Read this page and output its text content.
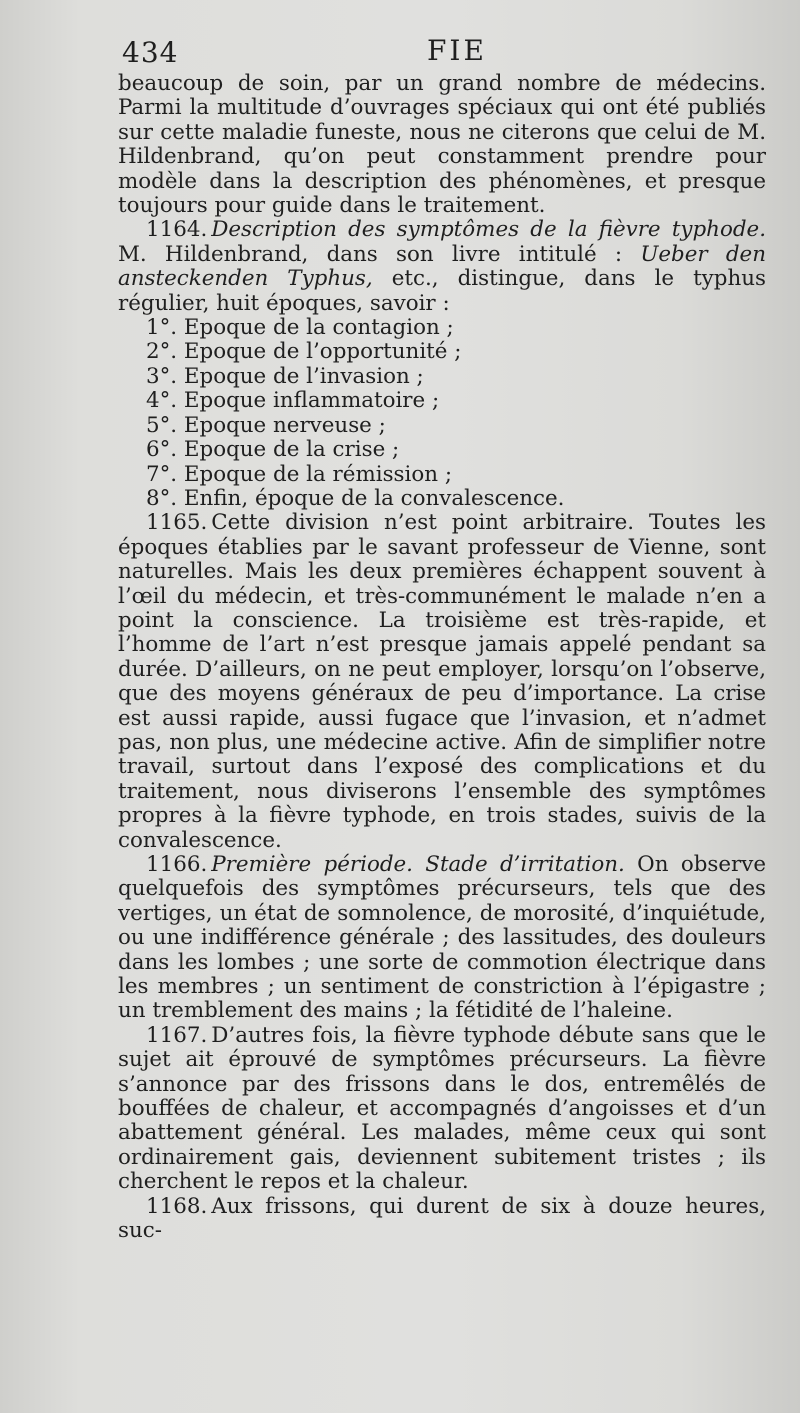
434	FIE

beaucoup de soin, par un grand nombre de médecins. Parmi la multitude d’ouvrages spéciaux qui ont été publiés sur cette maladie funeste, nous ne citerons que celui de M. Hildenbrand, qu’on peut constamment prendre pour modèle dans la description des phénomènes, et presque toujours pour guide dans le traitement.

1164. Description des symptômes de la fièvre typhode. M. Hildenbrand, dans son livre intitulé : Ueber den ansteckenden Typhus, etc., distingue, dans le typhus régulier, huit époques, savoir :

1°. Epoque de la contagion ;
2°. Epoque de l’opportunité ;
3°. Epoque de l’invasion ;
4°. Epoque inflammatoire ;
5°. Epoque nerveuse ;
6°. Epoque de la crise ;
7°. Epoque de la rémission ;
8°. Enfin, époque de la convalescence.

1165. Cette division n’est point arbitraire. Toutes les époques établies par le savant professeur de Vienne, sont naturelles. Mais les deux premières échappent souvent à l’œil du médecin, et très-communément le malade n’en a point la conscience. La troisième est très-rapide, et l’homme de l’art n’est presque jamais appelé pendant sa durée. D’ailleurs, on ne peut employer, lorsqu’on l’observe, que des moyens généraux de peu d’importance. La crise est aussi rapide, aussi fugace que l’invasion, et n’admet pas, non plus, une médecine active. Afin de simplifier notre travail, surtout dans l’exposé des complications et du traitement, nous diviserons l’ensemble des symptômes propres à la fièvre typhode, en trois stades, suivis de la convalescence.

1166. Première période. Stade d’irritation. On observe quelquefois des symptômes précurseurs, tels que des vertiges, un état de somnolence, de morosité, d’inquiétude, ou une indifférence générale ; des lassitudes, des douleurs dans les lombes ; une sorte de commotion électrique dans les membres ; un sentiment de constriction à l’épigastre ; un tremblement des mains ; la fétidité de l’haleine.

1167. D’autres fois, la fièvre typhode débute sans que le sujet ait éprouvé de symptômes précurseurs. La fièvre s’annonce par des frissons dans le dos, entremêlés de bouffées de chaleur, et accompagnés d’angoisses et d’un abattement général. Les malades, même ceux qui sont ordinairement gais, deviennent subitement tristes ; ils cherchent le repos et la chaleur.

1168. Aux frissons, qui durent de six à douze heures, suc-
